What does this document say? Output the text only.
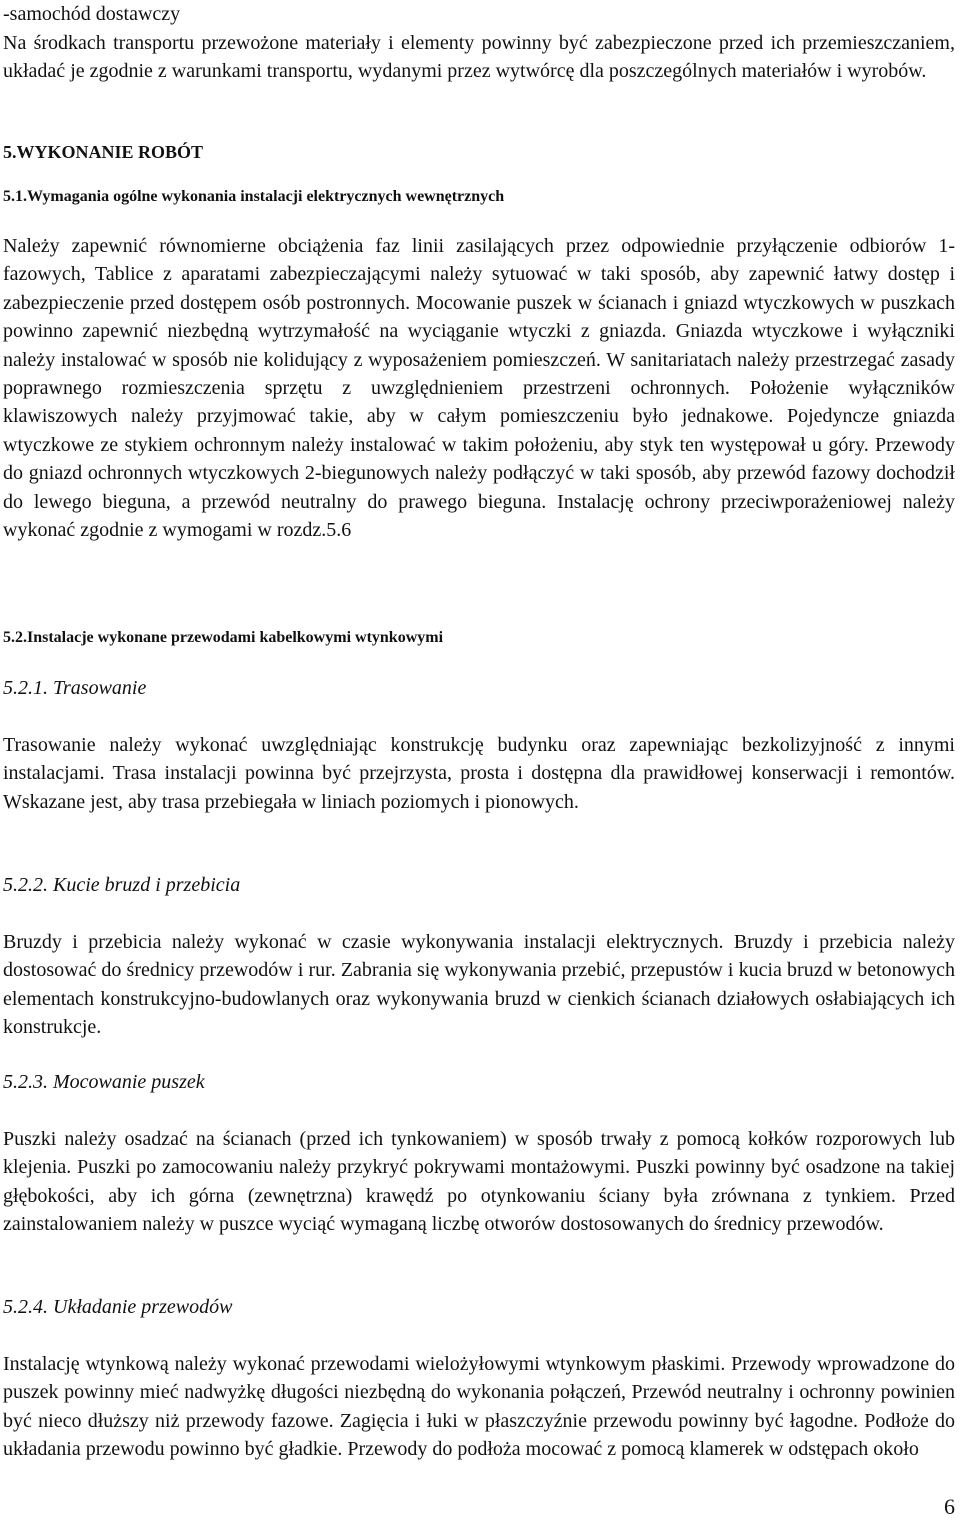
-samochód dostawczy

Na środkach transportu przewożone materiały i elementy powinny być zabezpieczone przed ich przemieszczaniem, układać je zgodnie z warunkami transportu, wydanymi przez wytwórcę dla poszczególnych materiałów i wyrobów.

5.WYKONANIE ROBÓT
5.1.Wymagania ogólne wykonania instalacji elektrycznych wewnętrznych

Należy zapewnić równomierne obciążenia faz linii zasilających przez odpowiednie przyłączenie odbiorów 1-fazowych, Tablice z aparatami zabezpieczającymi należy sytuować w taki sposób, aby zapewnić łatwy dostęp i zabezpieczenie przed dostępem osób postronnych. Mocowanie puszek w ścianach i gniazd wtyczkowych w puszkach powinno zapewnić niezbędną wytrzymałość na wyciąganie wtyczki z gniazda. Gniazda wtyczkowe i wyłączniki należy instalować w sposób nie kolidujący z wyposażeniem pomieszczeń. W sanitariatach należy przestrzegać zasady poprawnego rozmieszczenia sprzętu z uwzględnieniem przestrzeni ochronnych. Położenie wyłączników klawiszowych należy przyjmować takie, aby w całym pomieszczeniu było jednakowe. Pojedyncze gniazda wtyczkowe ze stykiem ochronnym należy instalować w takim położeniu, aby styk ten występował u góry. Przewody do gniazd ochronnych wtyczkowych 2-biegunowych należy podłączyć w taki sposób, aby przewód fazowy dochodził do lewego bieguna, a przewód neutralny do prawego bieguna. Instalację ochrony przeciwporażeniowej należy wykonać zgodnie z wymogami w rozdz.5.6

5.2.Instalacje wykonane przewodami kabelkowymi wtynkowymi
5.2.1. Trasowanie

Trasowanie należy wykonać uwzględniając konstrukcję budynku oraz zapewniając bezkolizyjność z innymi instalacjami. Trasa instalacji powinna być przejrzysta, prosta i dostępna dla prawidłowej konserwacji i remontów. Wskazane jest, aby trasa przebiegała w liniach poziomych i pionowych.

5.2.2. Kucie bruzd i przebicia

Bruzdy i przebicia należy wykonać w czasie wykonywania instalacji elektrycznych. Bruzdy i przebicia należy dostosować do średnicy przewodów i rur. Zabrania się wykonywania przebić, przepustów i kucia bruzd w betonowych elementach konstrukcyjno-budowlanych oraz wykonywania bruzd w cienkich ścianach działowych osłabiających ich konstrukcje.

5.2.3. Mocowanie puszek

Puszki należy osadzać na ścianach (przed ich tynkowaniem) w sposób trwały z pomocą kołków rozporowych lub klejenia. Puszki po zamocowaniu należy przykryć pokrywami montażowymi. Puszki powinny być osadzone na takiej głębokości, aby ich górna (zewnętrzna) krawędź po otynkowaniu ściany była zrównana z tynkiem. Przed zainstalowaniem należy w puszce wyciąć wymaganą liczbę otworów dostosowanych do średnicy przewodów.

5.2.4. Układanie przewodów

Instalację wtynkową należy wykonać przewodami wielożyłowymi wtynkowym płaskimi. Przewody wprowadzone do puszek powinny mieć nadwyżkę długości niezbędną do wykonania połączeń, Przewód neutralny i ochronny powinien być nieco dłuższy niż przewody fazowe. Zagięcia i łuki w płaszczyźnie przewodu powinny być łagodne. Podłoże do układania przewodu powinno być gładkie. Przewody do podłoża mocować z pomocą klamerek w odstępach około

6
